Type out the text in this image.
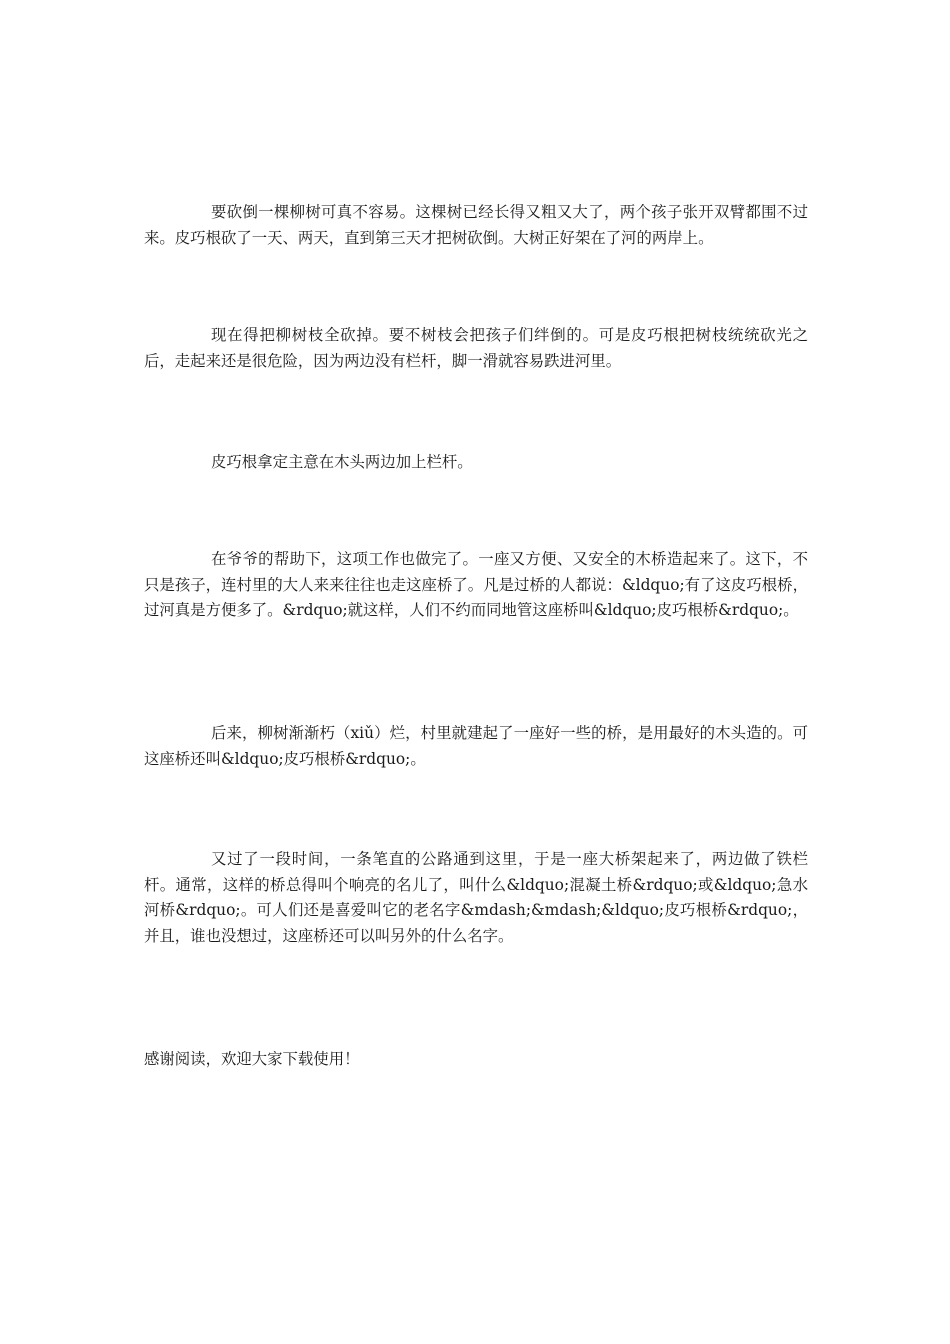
要砍倒一棵柳树可真不容易。这棵树已经长得又粗又大了，两个孩子张开双臂都围不过来。皮巧根砍了一天、两天，直到第三天才把树砍倒。大树正好架在了河的两岸上。

现在得把柳树枝全砍掉。要不树枝会把孩子们绊倒的。可是皮巧根把树枝统统砍光之后，走起来还是很危险，因为两边没有栏杆，脚一滑就容易跌进河里。

皮巧根拿定主意在木头两边加上栏杆。

在爷爷的帮助下，这项工作也做完了。一座又方便、又安全的木桥造起来了。这下，不只是孩子，连村里的大人来来往往也走这座桥了。凡是过桥的人都说：&ldquo;有了这皮巧根桥，过河真是方便多了。&rdquo;就这样，人们不约而同地管这座桥叫&ldquo;皮巧根桥&rdquo;。

后来，柳树渐渐朽（xiǔ）烂，村里就建起了一座好一些的桥，是用最好的木头造的。可这座桥还叫&ldquo;皮巧根桥&rdquo;。

又过了一段时间，一条笔直的公路通到这里，于是一座大桥架起来了，两边做了铁栏杆。通常，这样的桥总得叫个响亮的名儿了，叫什么&ldquo;混凝土桥&rdquo;或&ldquo;急水河桥&rdquo;。可人们还是喜爱叫它的老名字&mdash;&mdash;&ldquo;皮巧根桥&rdquo;，并且，谁也没想过，这座桥还可以叫另外的什么名字。

感谢阅读，欢迎大家下载使用！
